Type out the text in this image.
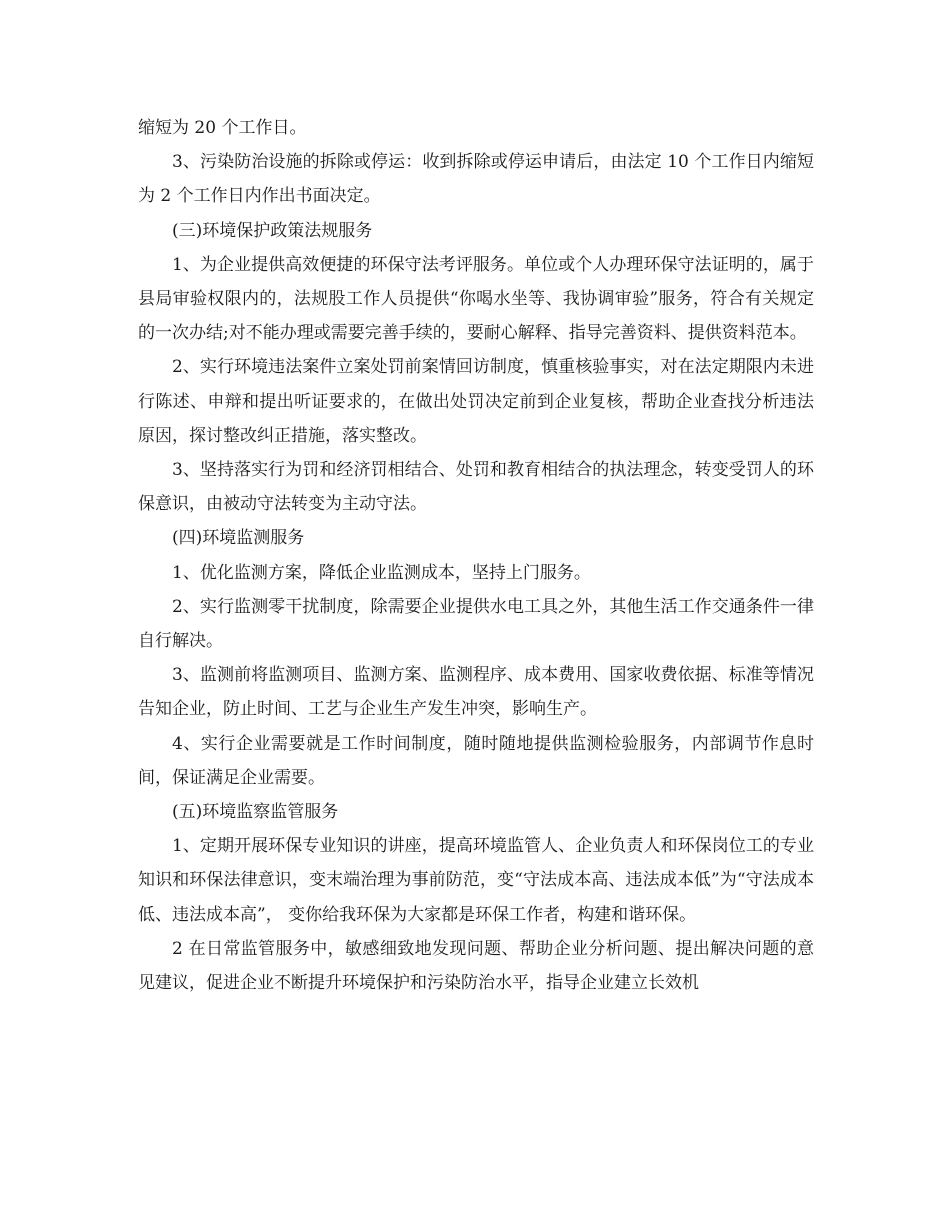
缩短为 20 个工作日。

3、污染防治设施的拆除或停运：收到拆除或停运申请后，由法定 10 个工作日内缩短为 2 个工作日内作出书面决定。

(三)环境保护政策法规服务

1、为企业提供高效便捷的环保守法考评服务。单位或个人办理环保守法证明的，属于县局审验权限内的，法规股工作人员提供“你喝水坐等、我协调审验”服务，符合有关规定的一次办结;对不能办理或需要完善手续的，要耐心解释、指导完善资料、提供资料范本。

2、实行环境违法案件立案处罚前案情回访制度，慎重核验事实，对在法定期限内未进行陈述、申辩和提出听证要求的，在做出处罚决定前到企业复核，帮助企业查找分析违法原因，探讨整改纠正措施，落实整改。

3、坚持落实行为罚和经济罚相结合、处罚和教育相结合的执法理念，转变受罚人的环保意识，由被动守法转变为主动守法。

(四)环境监测服务

1、优化监测方案，降低企业监测成本，坚持上门服务。

2、实行监测零干扰制度，除需要企业提供水电工具之外，其他生活工作交通条件一律自行解决。

3、监测前将监测项目、监测方案、监测程序、成本费用、国家收费依据、标准等情况告知企业，防止时间、工艺与企业生产发生冲突，影响生产。

4、实行企业需要就是工作时间制度，随时随地提供监测检验服务，内部调节作息时间，保证满足企业需要。

(五)环境监察监管服务

1、定期开展环保专业知识的讲座，提高环境监管人、企业负责人和环保岗位工的专业知识和环保法律意识，变末端治理为事前防范，变“守法成本高、违法成本低”为“守法成本低、违法成本高”， 变你给我环保为大家都是环保工作者，构建和谐环保。

2 在日常监管服务中，敏感细致地发现问题、帮助企业分析问题、提出解决问题的意见建议，促进企业不断提升环境保护和污染防治水平，指导企业建立长效机
